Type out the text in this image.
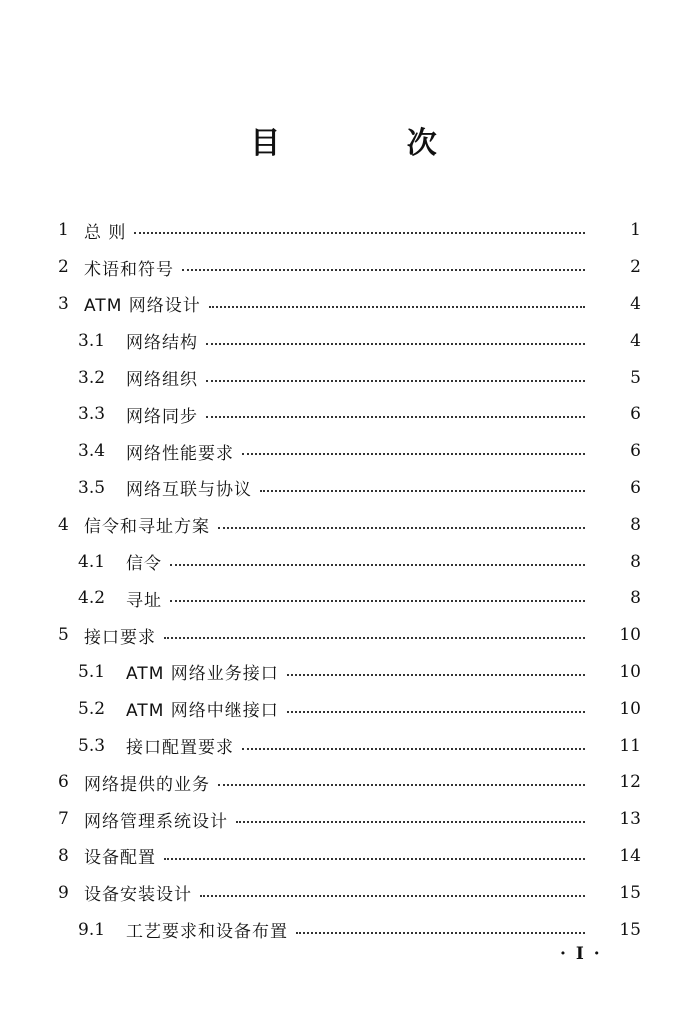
目 次
1 总 则	1
2 术语和符号	2
3 ATM 网络设计	4
3.1	网络结构	4
3.2	网络组织	5
3.3	网络同步	6
3.4	网络性能要求	6
3.5	网络互联与协议	6
4 信令和寻址方案	8
4.1	信令	8
4.2	寻址	8
5 接口要求	10
5.1	ATM 网络业务接口	10
5.2	ATM 网络中继接口	10
5.3	接口配置要求	11
6 网络提供的业务	12
7 网络管理系统设计	13
8 设备配置	14
9 设备安装设计	15
9.1	工艺要求和设备布置	15
· I ·
